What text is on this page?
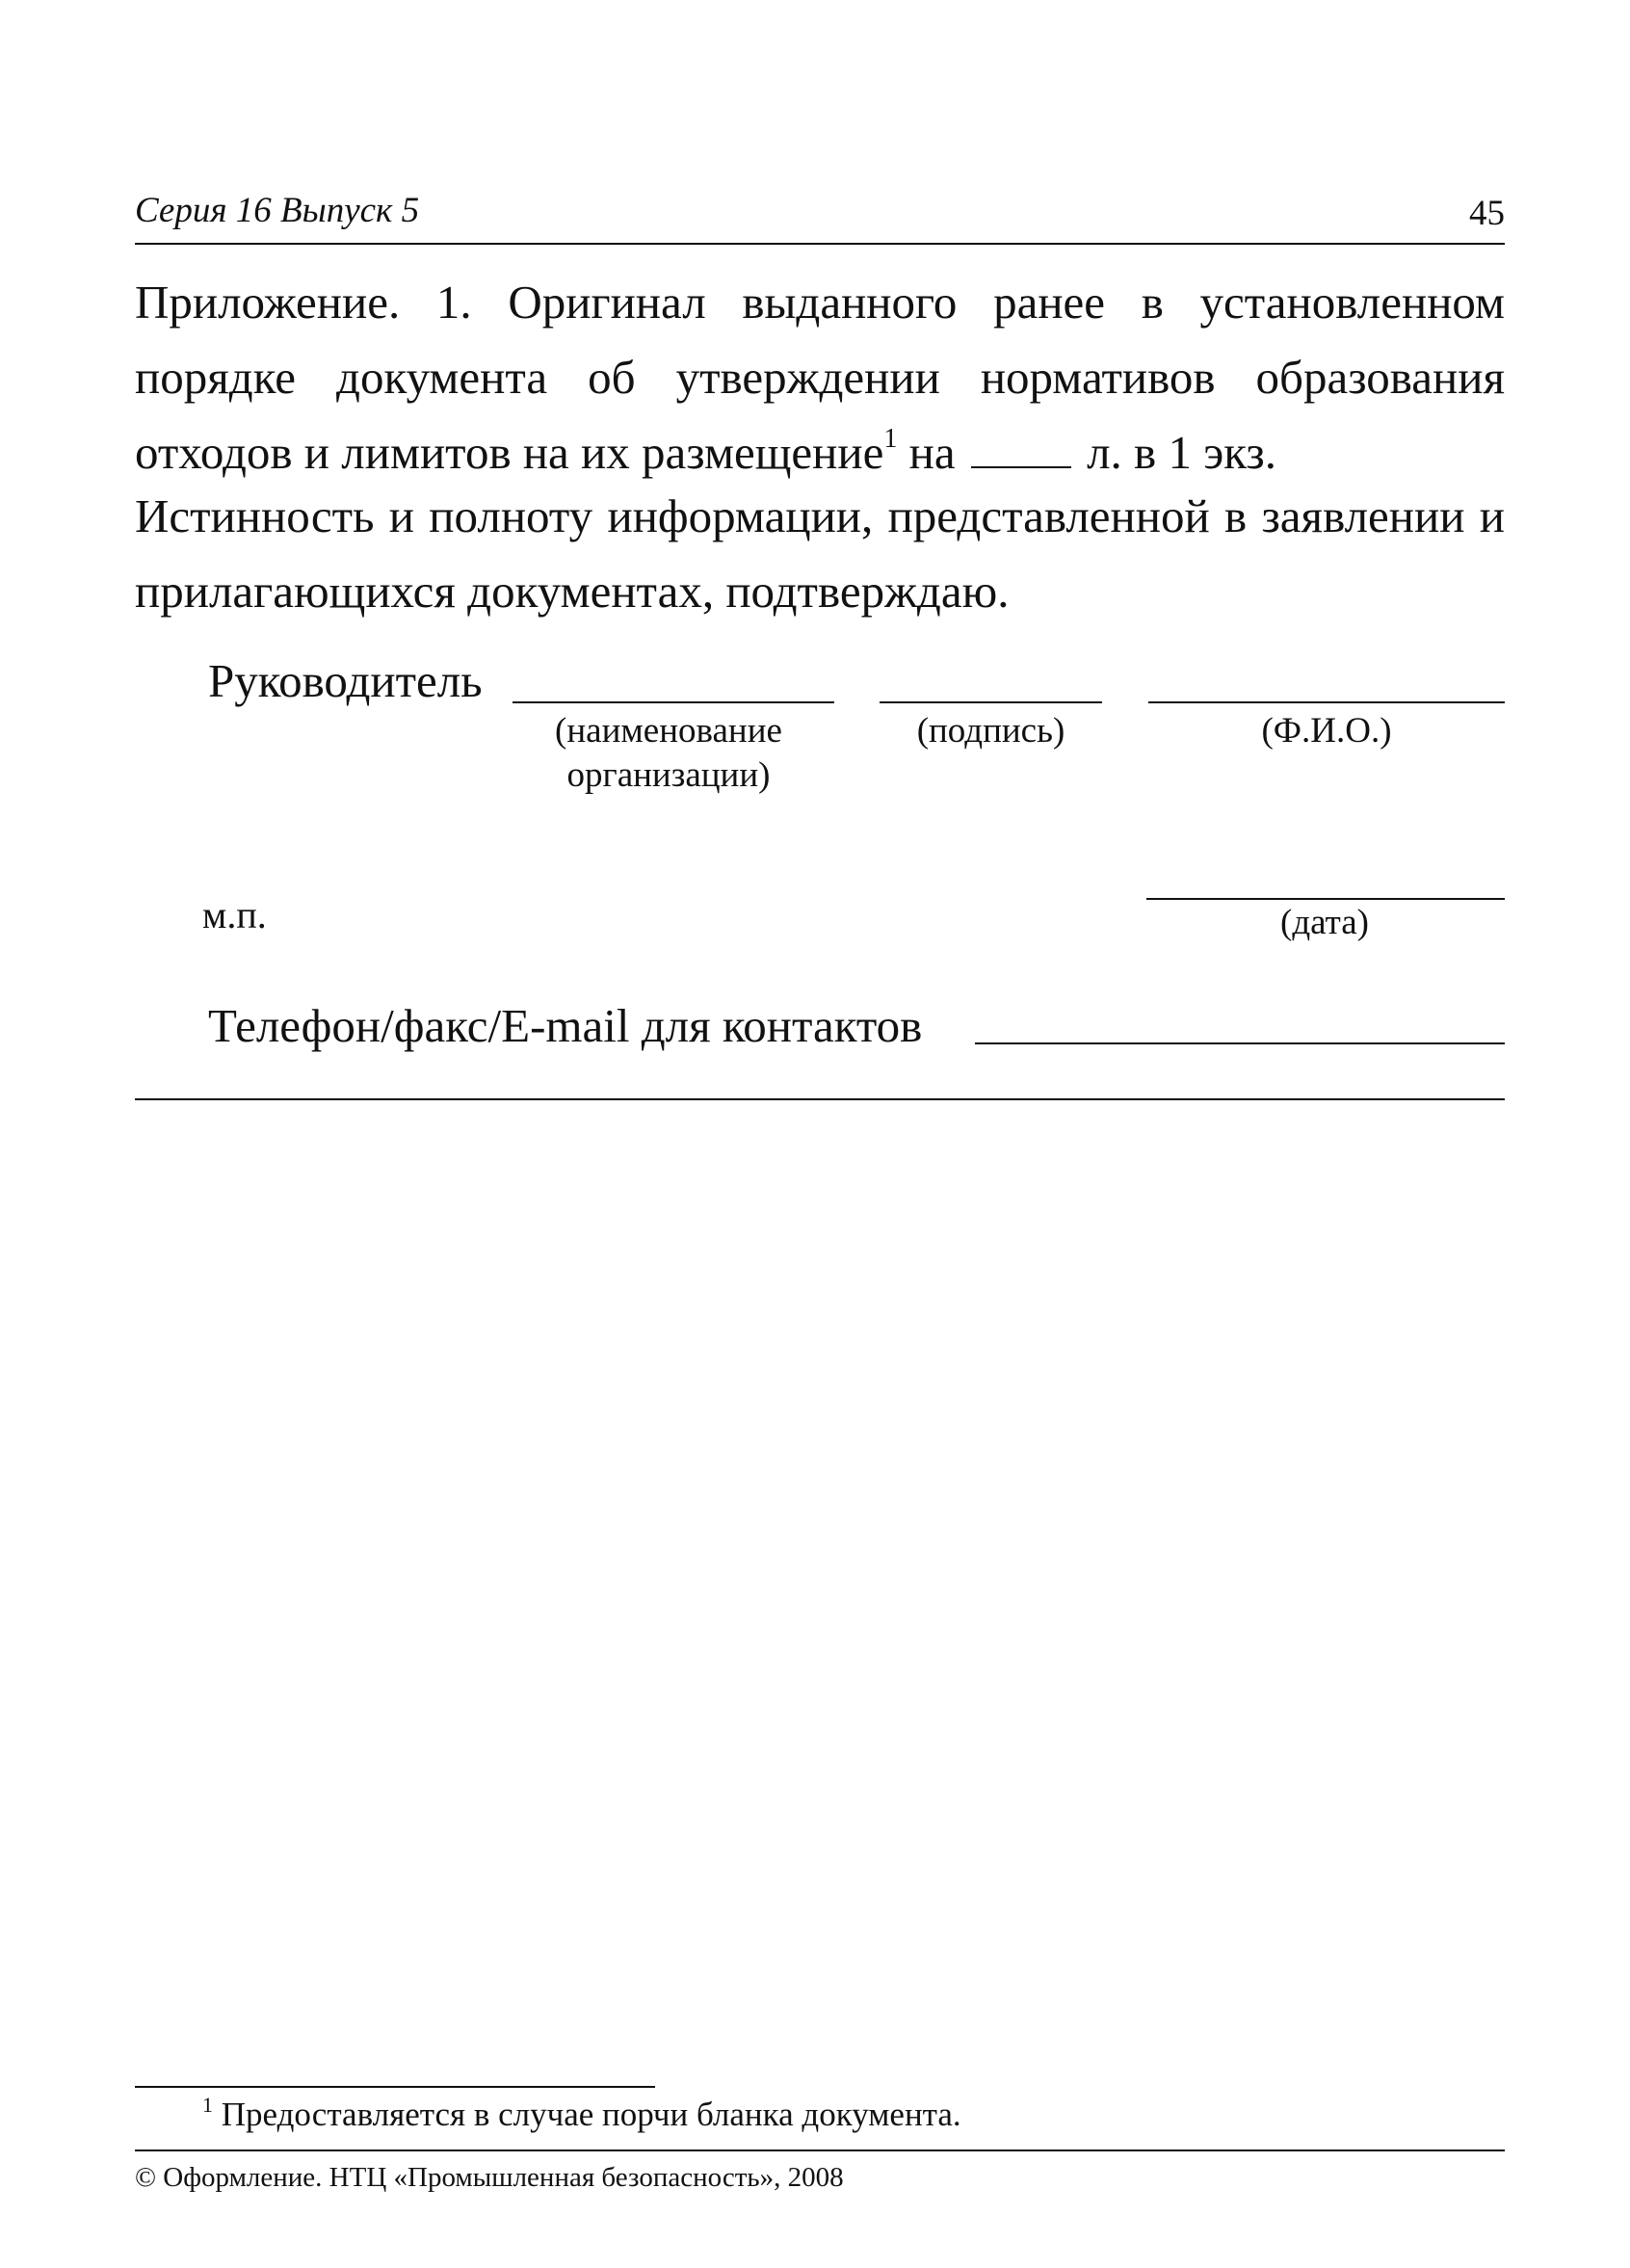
Серия 16 Выпуск 5	45
Приложение. 1. Оригинал выданного ранее в установленном порядке документа об утверждении нормативов образования отходов и лимитов на их размещение$^1$ на	л. в 1 экз.
Истинность и полноту информации, представленной в заявлении и прилагающихся документах, подтверждаю.
Руководитель
(наименование организации)
(подпись)	(Ф.И.О.)
м.п.	(дата)
Телефон/факс/E-mail для контактов
$^1$ Предоставляется в случае порчи бланка документа.
© Оформление. НТЦ «Промышленная безопасность», 2008
